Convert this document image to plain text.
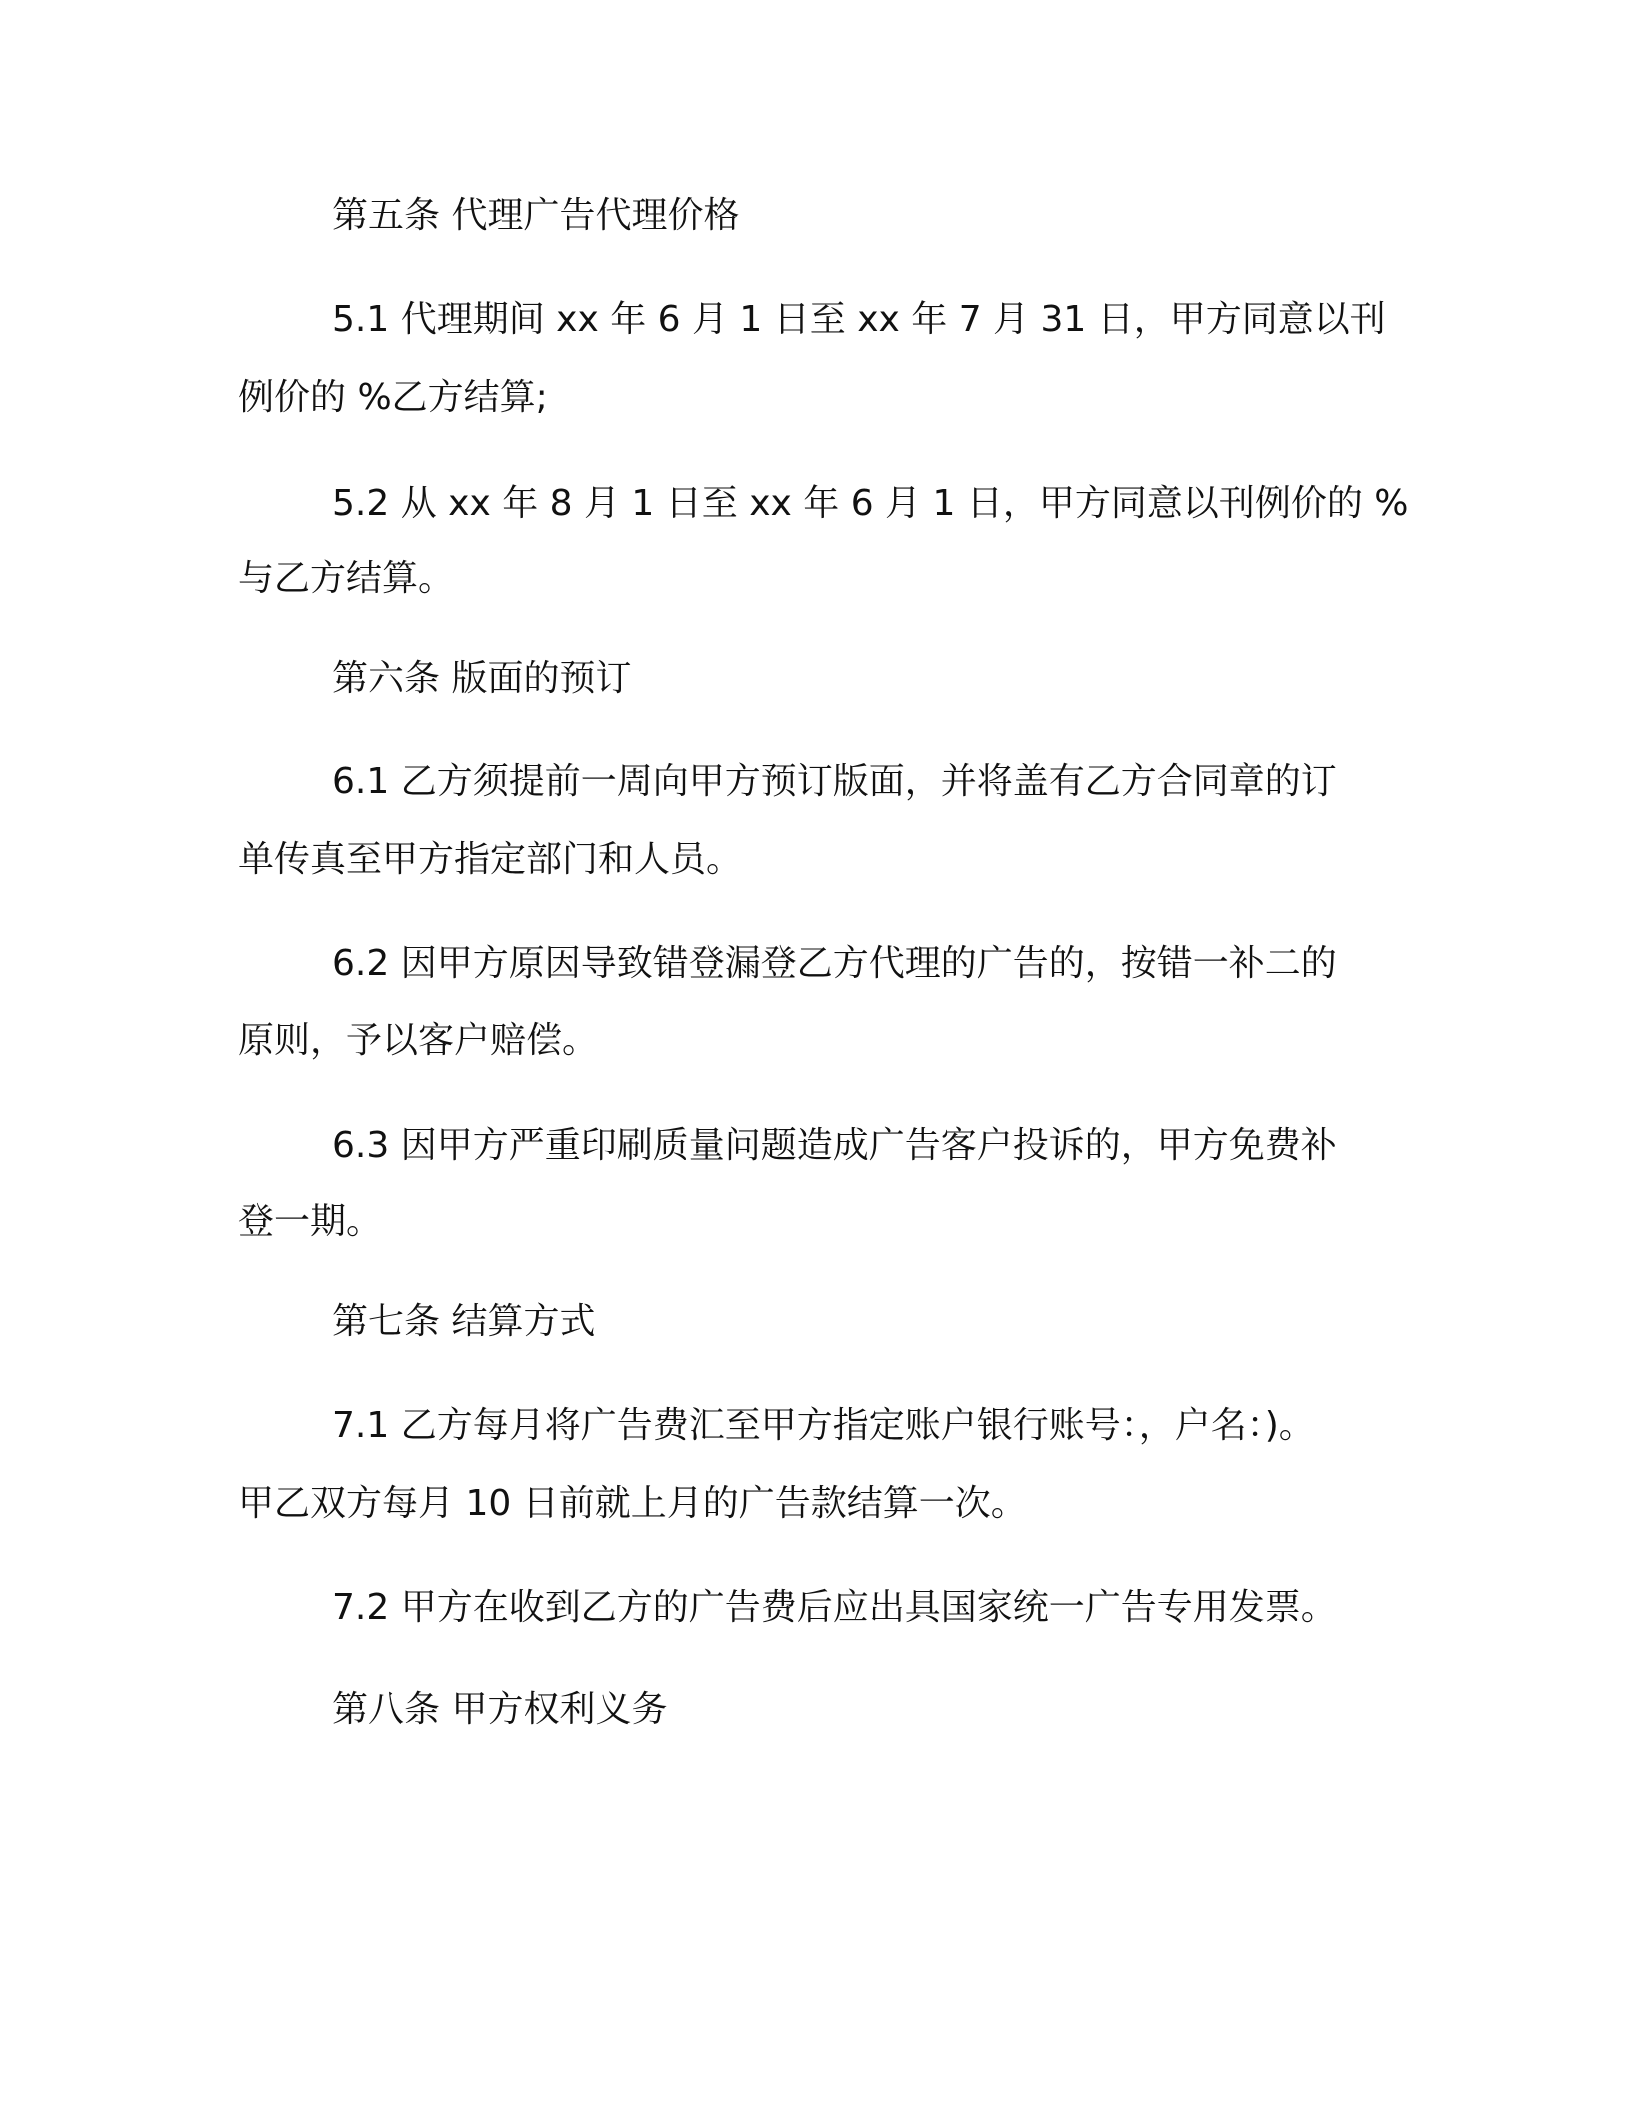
第五条 代理广告代理价格

5.1 代理期间 xx 年 6 月 1 日至 xx 年 7 月 31 日，甲方同意以刊

例价的 %乙方结算;

5.2 从 xx 年 8 月 1 日至 xx 年 6 月 1 日，甲方同意以刊例价的 %

与乙方结算。

第六条 版面的预订

6.1 乙方须提前一周向甲方预订版面，并将盖有乙方合同章的订

单传真至甲方指定部门和人员。

6.2 因甲方原因导致错登漏登乙方代理的广告的，按错一补二的

原则，予以客户赔偿。

6.3 因甲方严重印刷质量问题造成广告客户投诉的，甲方免费补

登一期。

第七条 结算方式

7.1 乙方每月将广告费汇至甲方指定账户银行账号：，户名：)。

甲乙双方每月 10 日前就上月的广告款结算一次。

7.2 甲方在收到乙方的广告费后应出具国家统一广告专用发票。

第八条 甲方权利义务
